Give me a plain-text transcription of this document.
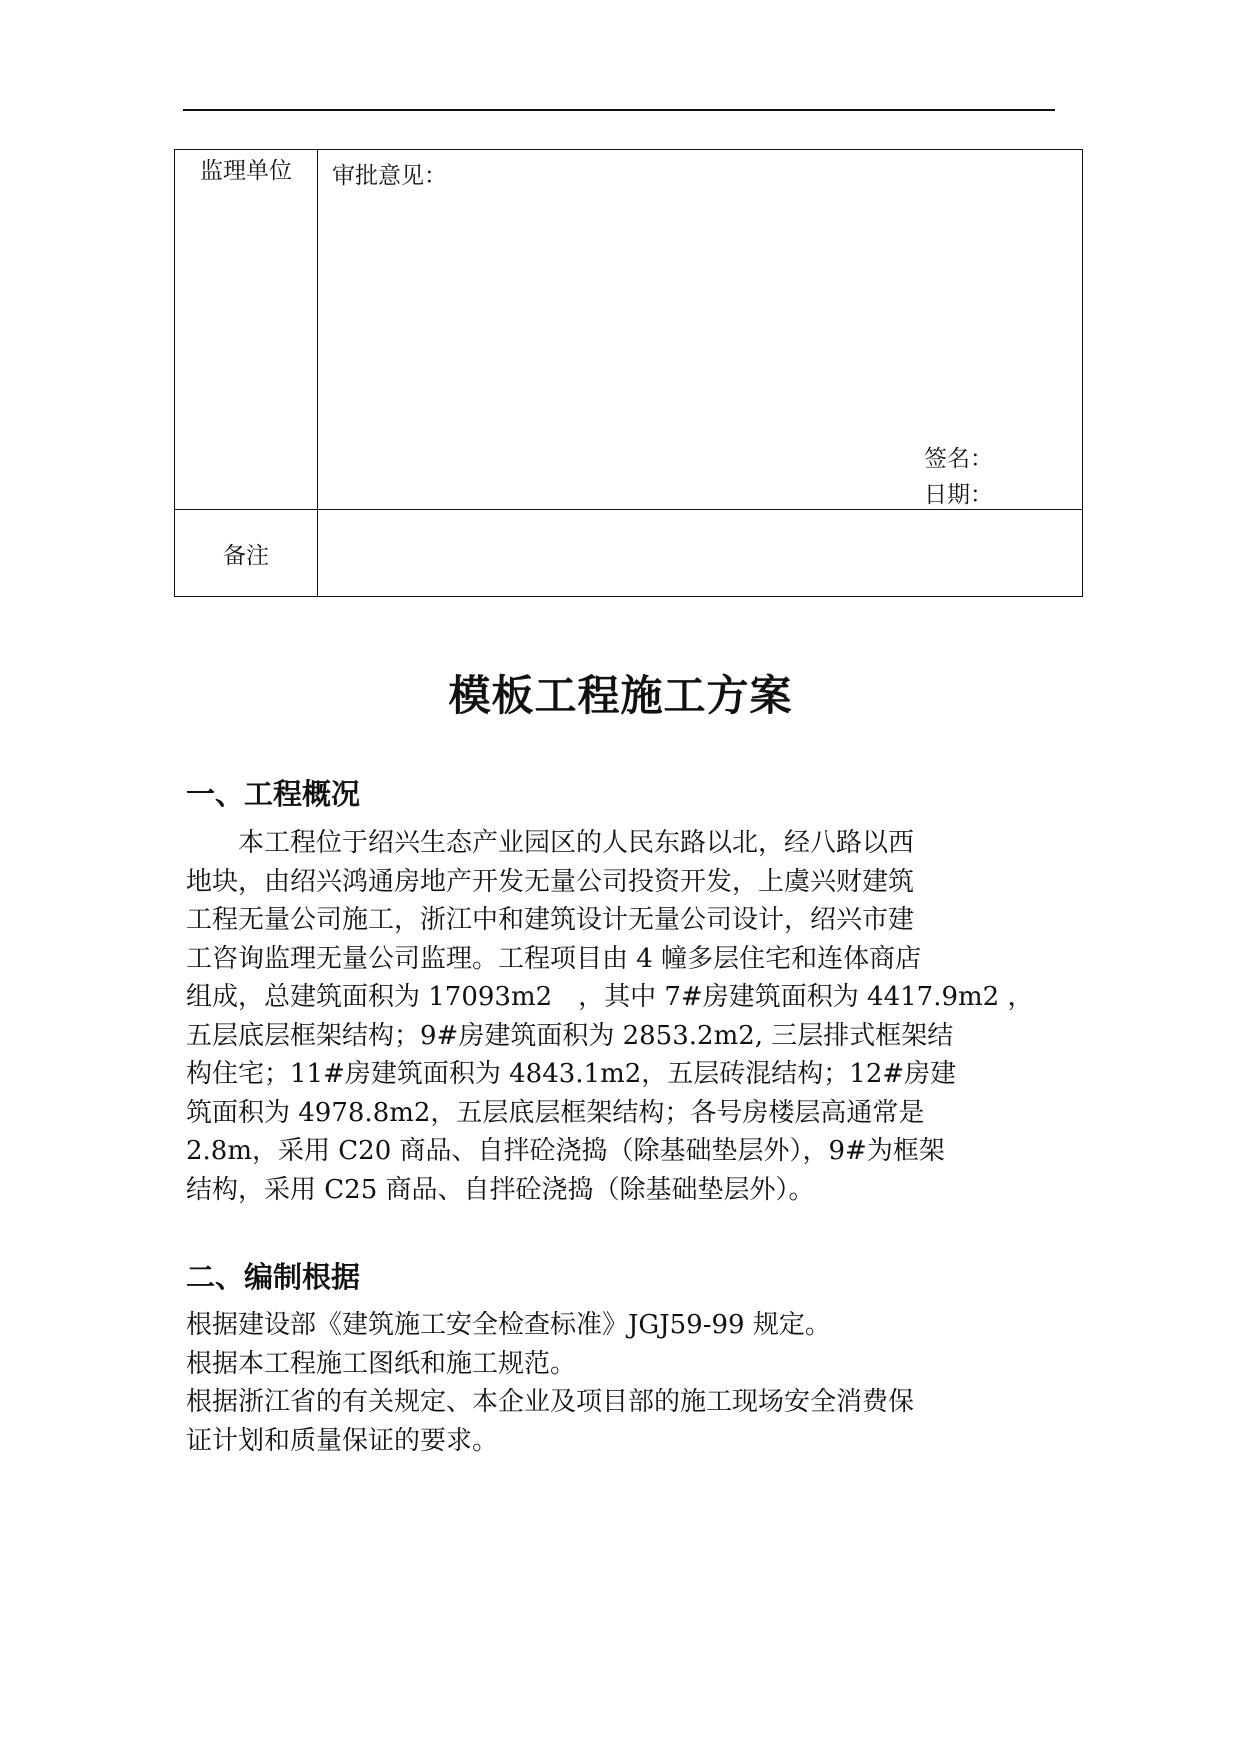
监理单位	审批意见：
签名：
日期：

备注	
模板工程施工方案
一、工程概况
　　本工程位于绍兴生态产业园区的人民东路以北，经八路以西
地块，由绍兴鸿通房地产开发无量公司投资开发，上虞兴财建筑
工程无量公司施工，浙江中和建筑设计无量公司设计，绍兴市建
工咨询监理无量公司监理。工程项目由 4 幢多层住宅和连体商店
组成，总建筑面积为 17093m2　，其中 7#房建筑面积为 4417.9m2 ，
五层底层框架结构；9#房建筑面积为 2853.2m2, 三层排式框架结
构住宅；11#房建筑面积为 4843.1m2，五层砖混结构；12#房建
筑面积为 4978.8m2，五层底层框架结构；各号房楼层高通常是
2.8m，采用 C20 商品、自拌砼浇捣（除基础垫层外），9#为框架
结构，采用 C25 商品、自拌砼浇捣（除基础垫层外）。
二、编制根据
根据建设部《建筑施工安全检查标准》JGJ59-99 规定。
根据本工程施工图纸和施工规范。
根据浙江省的有关规定、本企业及项目部的施工现场安全消费保
证计划和质量保证的要求。
